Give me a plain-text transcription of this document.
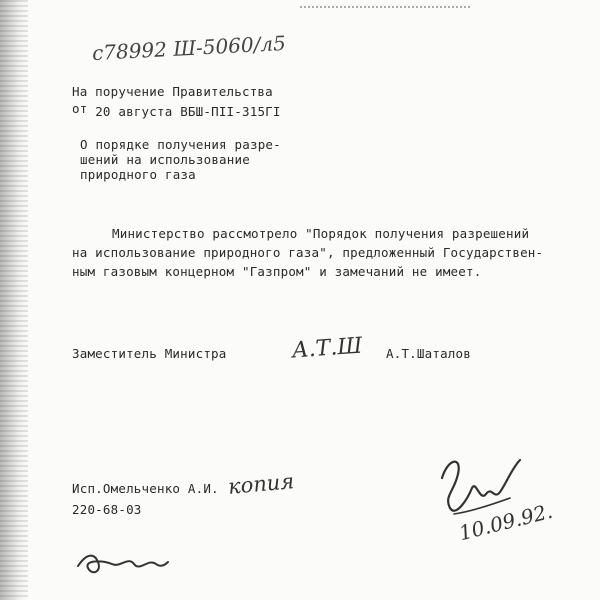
с78992 Ш-5060/л5
На поручение Правительства
от 20 августа ВБШ-ПII-315ГI
О порядке получения разре-
шений на использование
природного газа
Министерство рассмотрело "Порядок получения разрешений
на использование природного газа", предложенный Государствен-
ным газовым концерном "Газпром" и замечаний не имеет.
Заместитель Министра	А.Т.Ш А.Т.Шаталов
Исп.Омельченко А.И. копия
220-68-03	10.09.92.
